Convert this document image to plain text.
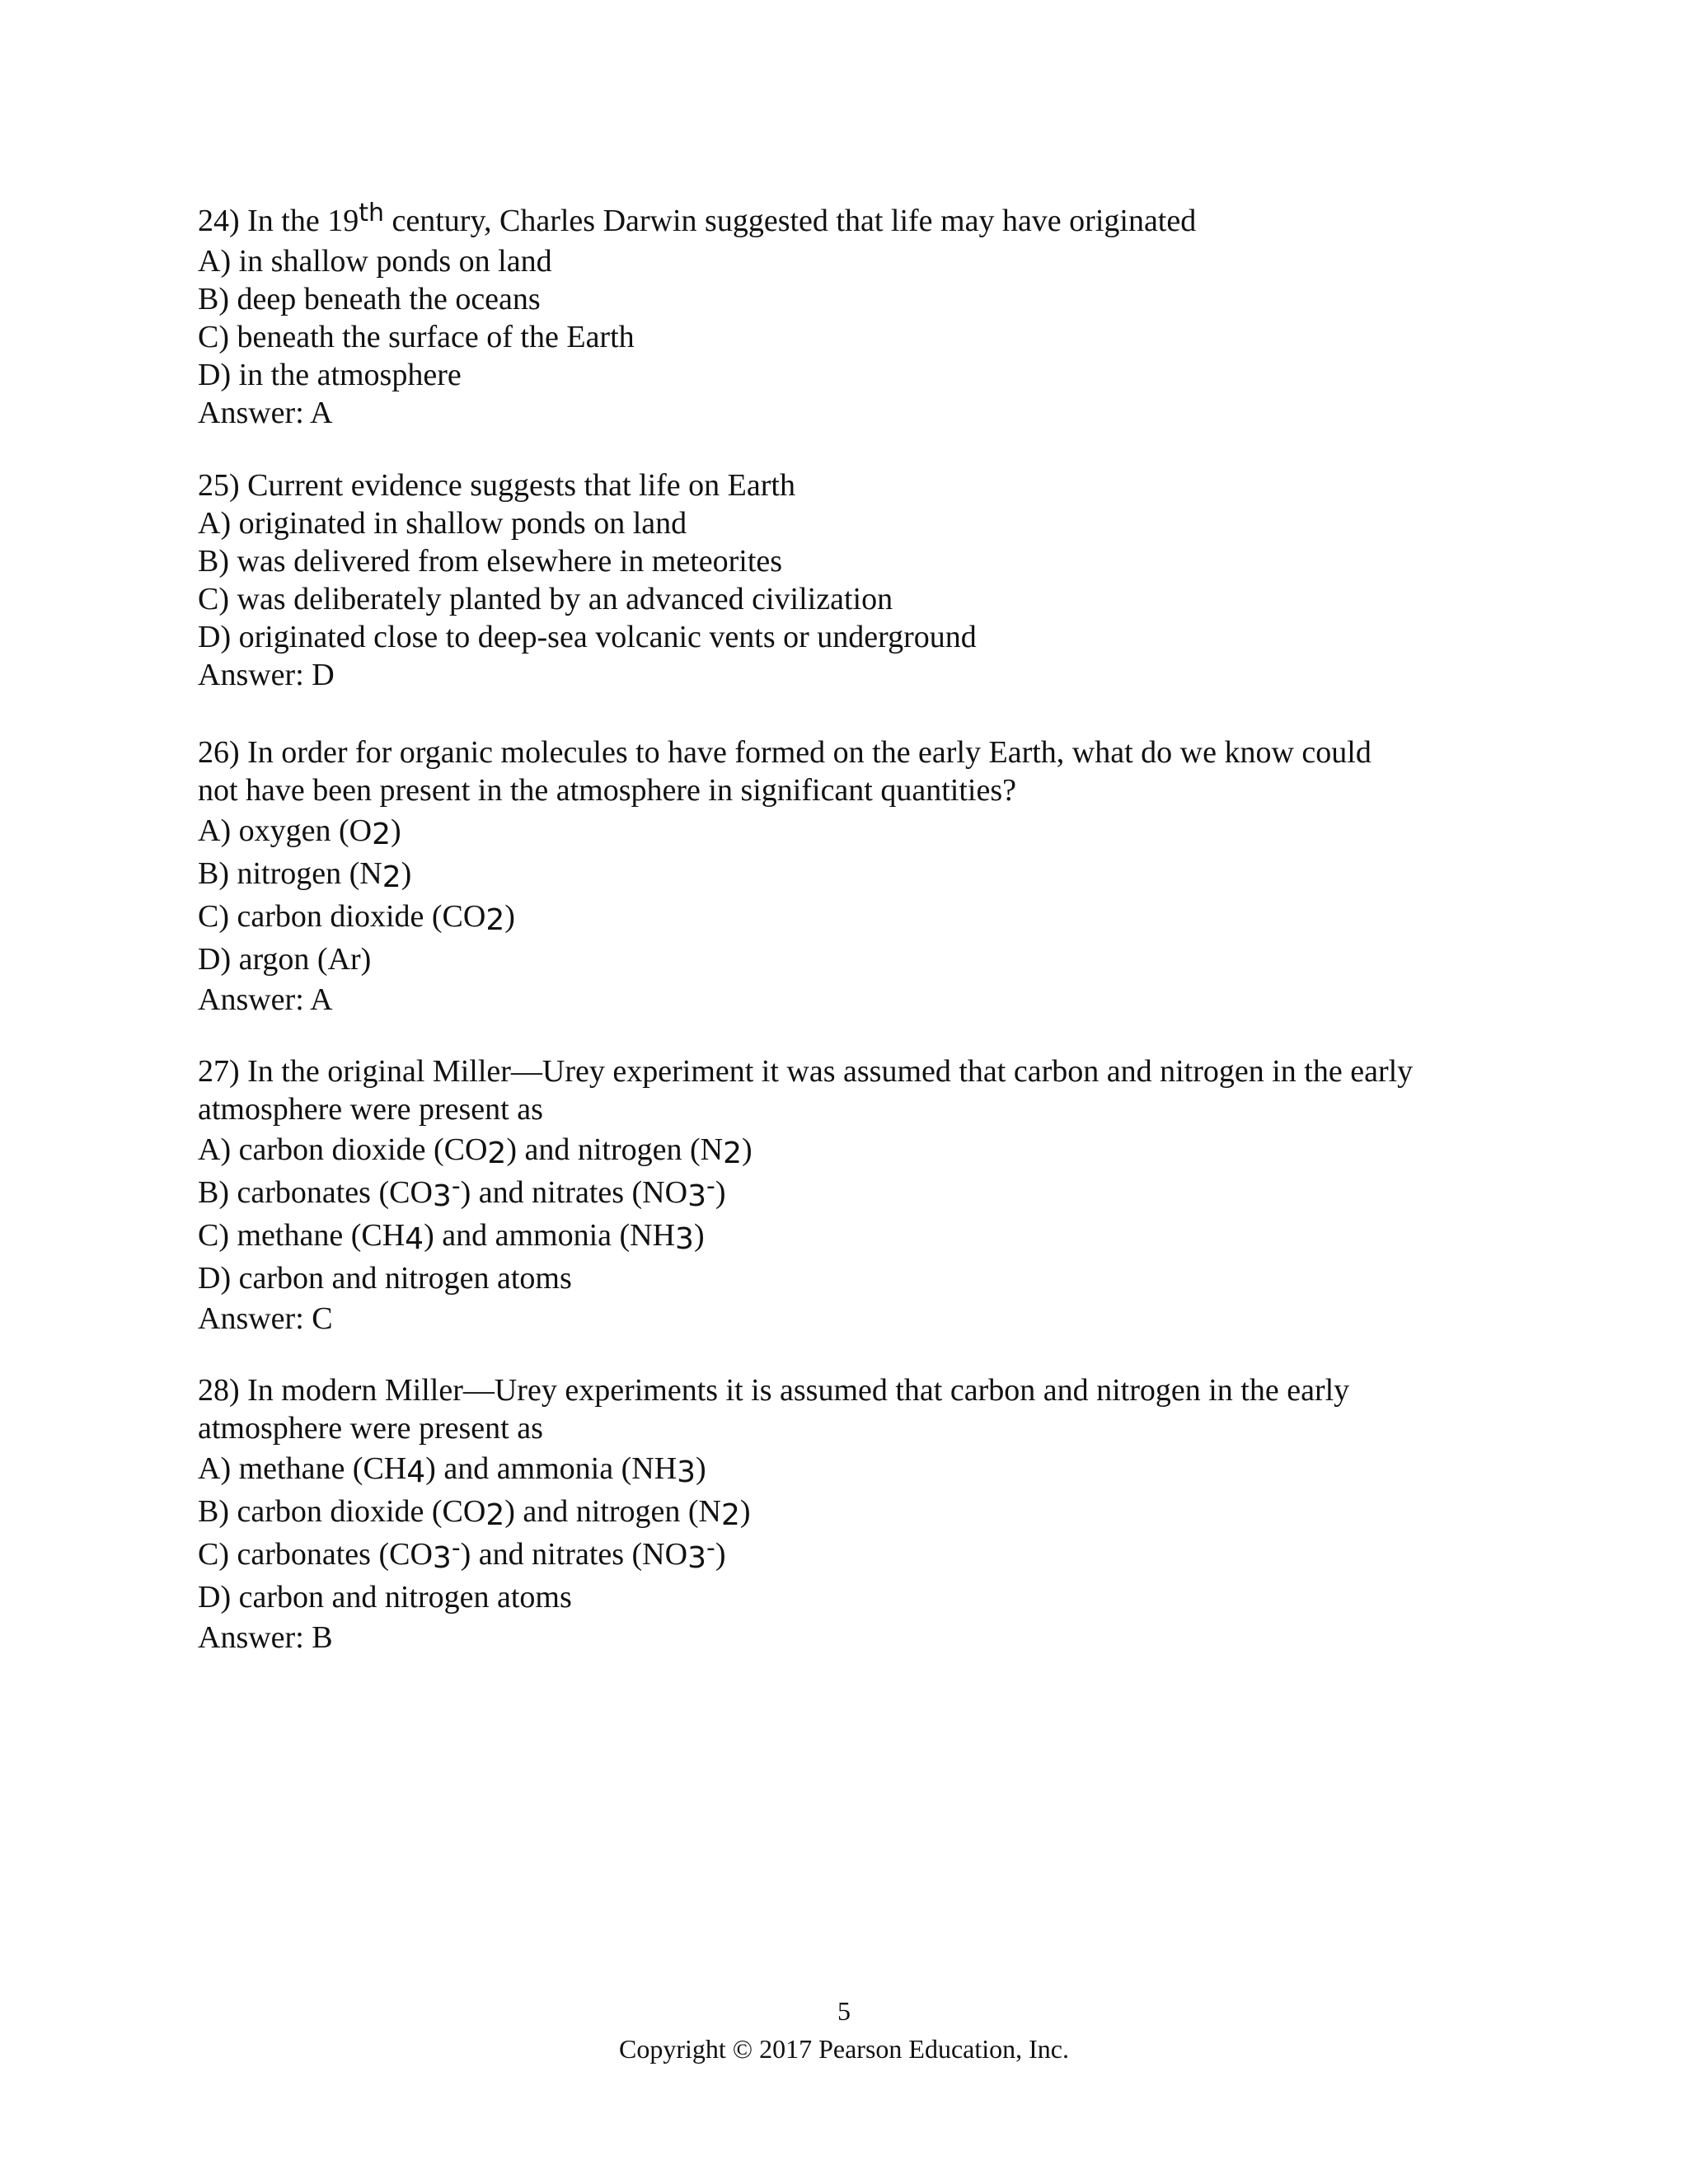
24) In the 19th century, Charles Darwin suggested that life may have originated
A) in shallow ponds on land
B) deep beneath the oceans
C) beneath the surface of the Earth
D) in the atmosphere
Answer: A
25) Current evidence suggests that life on Earth
A) originated in shallow ponds on land
B) was delivered from elsewhere in meteorites
C) was deliberately planted by an advanced civilization
D) originated close to deep-sea volcanic vents or underground
Answer: D
26) In order for organic molecules to have formed on the early Earth, what do we know could
not have been present in the atmosphere in significant quantities?
A) oxygen (O2)
B) nitrogen (N2)
C) carbon dioxide (CO2)
D) argon (Ar)
Answer: A
27) In the original Miller—Urey experiment it was assumed that carbon and nitrogen in the early
atmosphere were present as
A) carbon dioxide (CO2) and nitrogen (N2)
B) carbonates (CO3-) and nitrates (NO3-)
C) methane (CH4) and ammonia (NH3)
D) carbon and nitrogen atoms
Answer: C
28) In modern Miller—Urey experiments it is assumed that carbon and nitrogen in the early
atmosphere were present as
A) methane (CH4) and ammonia (NH3)
B) carbon dioxide (CO2) and nitrogen (N2)
C) carbonates (CO3-) and nitrates (NO3-)
D) carbon and nitrogen atoms
Answer: B
5
Copyright © 2017 Pearson Education, Inc.
